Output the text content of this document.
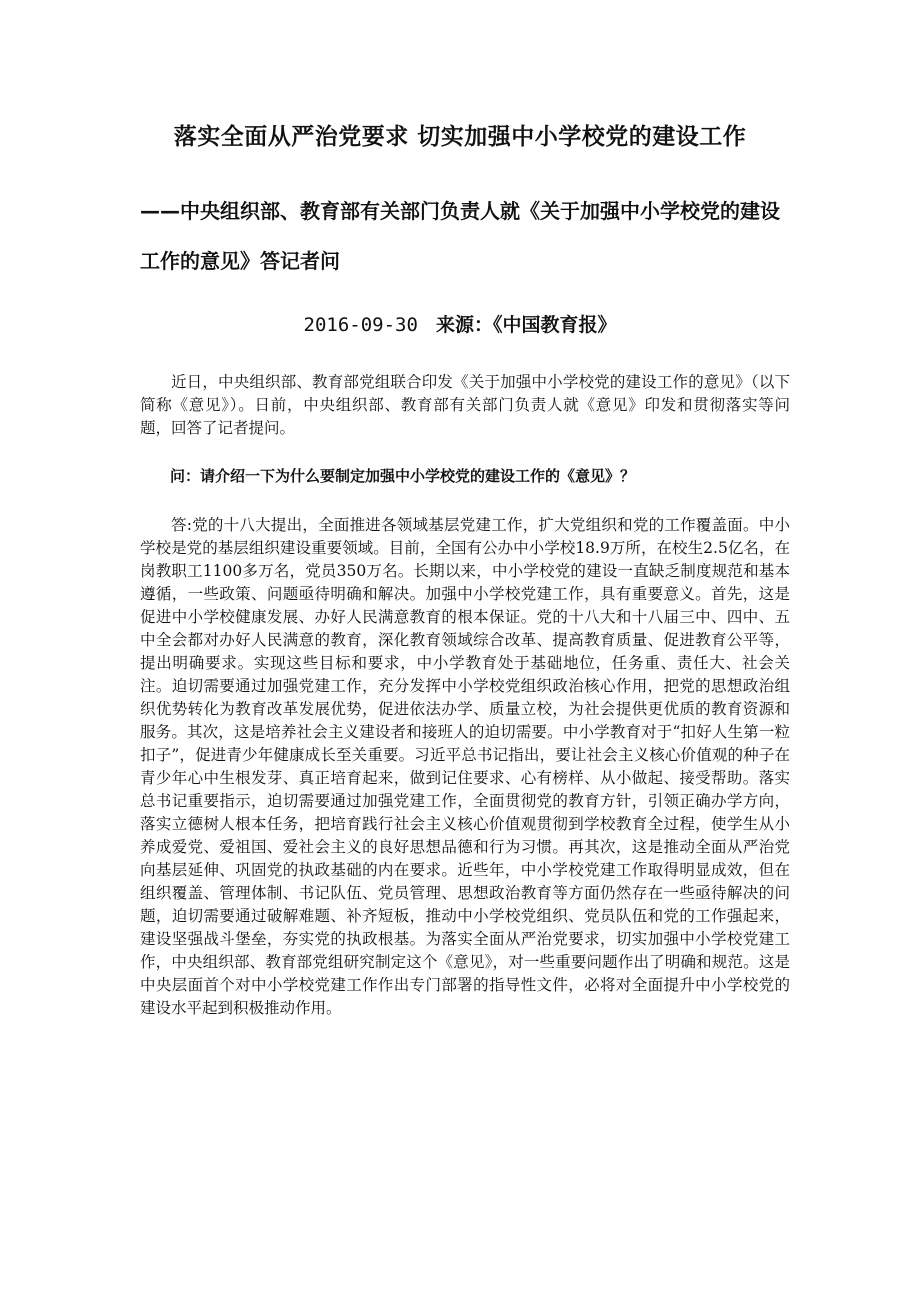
落实全面从严治党要求 切实加强中小学校党的建设工作
——中央组织部、教育部有关部门负责人就《关于加强中小学校党的建设工作的意见》答记者问

2016-09-30 来源：《中国教育报》

近日，中央组织部、教育部党组联合印发《关于加强中小学校党的建设工作的意见》（以下简称《意见》）。日前，中央组织部、教育部有关部门负责人就《意见》印发和贯彻落实等问题，回答了记者提问。

问：请介绍一下为什么要制定加强中小学校党的建设工作的《意见》？

答:党的十八大提出，全面推进各领域基层党建工作，扩大党组织和党的工作覆盖面。中小学校是党的基层组织建设重要领域。目前，全国有公办中小学校18.9万所，在校生2.5亿名，在岗教职工1100多万名，党员350万名。长期以来，中小学校党的建设一直缺乏制度规范和基本遵循，一些政策、问题亟待明确和解决。加强中小学校党建工作，具有重要意义。首先，这是促进中小学校健康发展、办好人民满意教育的根本保证。党的十八大和十八届三中、四中、五中全会都对办好人民满意的教育，深化教育领域综合改革、提高教育质量、促进教育公平等，提出明确要求。实现这些目标和要求，中小学教育处于基础地位，任务重、责任大、社会关注。迫切需要通过加强党建工作，充分发挥中小学校党组织政治核心作用，把党的思想政治组织优势转化为教育改革发展优势，促进依法办学、质量立校，为社会提供更优质的教育资源和服务。其次，这是培养社会主义建设者和接班人的迫切需要。中小学教育对于“扣好人生第一粒扣子”，促进青少年健康成长至关重要。习近平总书记指出，要让社会主义核心价值观的种子在青少年心中生根发芽、真正培育起来，做到记住要求、心有榜样、从小做起、接受帮助。落实总书记重要指示，迫切需要通过加强党建工作，全面贯彻党的教育方针，引领正确办学方向，落实立德树人根本任务，把培育践行社会主义核心价值观贯彻到学校教育全过程，使学生从小养成爱党、爱祖国、爱社会主义的良好思想品德和行为习惯。再其次，这是推动全面从严治党向基层延伸、巩固党的执政基础的内在要求。近些年，中小学校党建工作取得明显成效，但在组织覆盖、管理体制、书记队伍、党员管理、思想政治教育等方面仍然存在一些亟待解决的问题，迫切需要通过破解难题、补齐短板，推动中小学校党组织、党员队伍和党的工作强起来，建设坚强战斗堡垒，夯实党的执政根基。为落实全面从严治党要求，切实加强中小学校党建工作，中央组织部、教育部党组研究制定这个《意见》，对一些重要问题作出了明确和规范。这是中央层面首个对中小学校党建工作作出专门部署的指导性文件，必将对全面提升中小学校党的建设水平起到积极推动作用。
